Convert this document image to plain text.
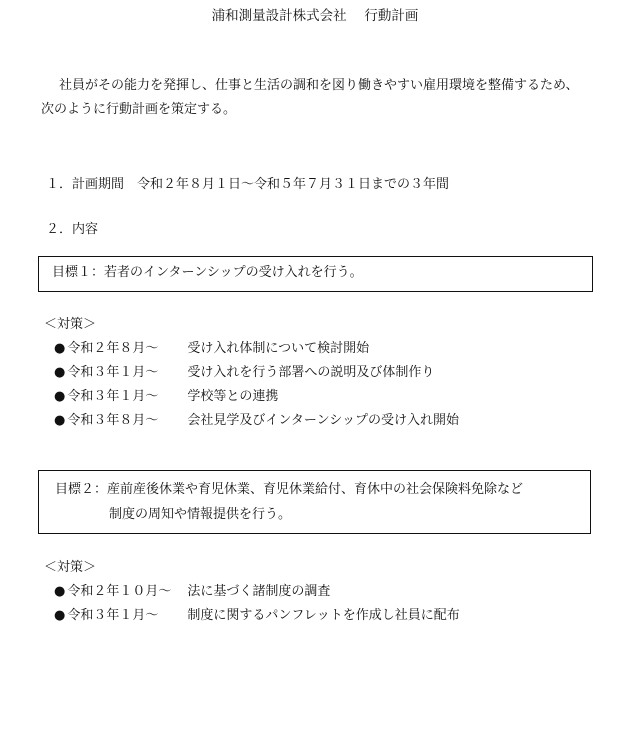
浦和測量設計株式会社　 行動計画
社員がその能力を発揮し、仕事と生活の調和を図り働きやすい雇用環境を整備するため、
次のように行動計画を策定する。
１．計画期間　令和２年８月１日～令和５年７月３１日までの３年間
２．内容
目標１：若者のインターンシップの受け入れを行う。
＜対策＞
● 令和２年８月～ 受け入れ体制について検討開始
● 令和３年１月～ 受け入れを行う部署への説明及び体制作り
● 令和３年１月～ 学校等との連携
● 令和３年８月～ 会社見学及びインターンシップの受け入れ開始
目標２：産前産後休業や育児休業、育児休業給付、育休中の社会保険料免除など
制度の周知や情報提供を行う。
＜対策＞
● 令和２年１０月～ 法に基づく諸制度の調査
● 令和３年１月～ 制度に関するパンフレットを作成し社員に配布
